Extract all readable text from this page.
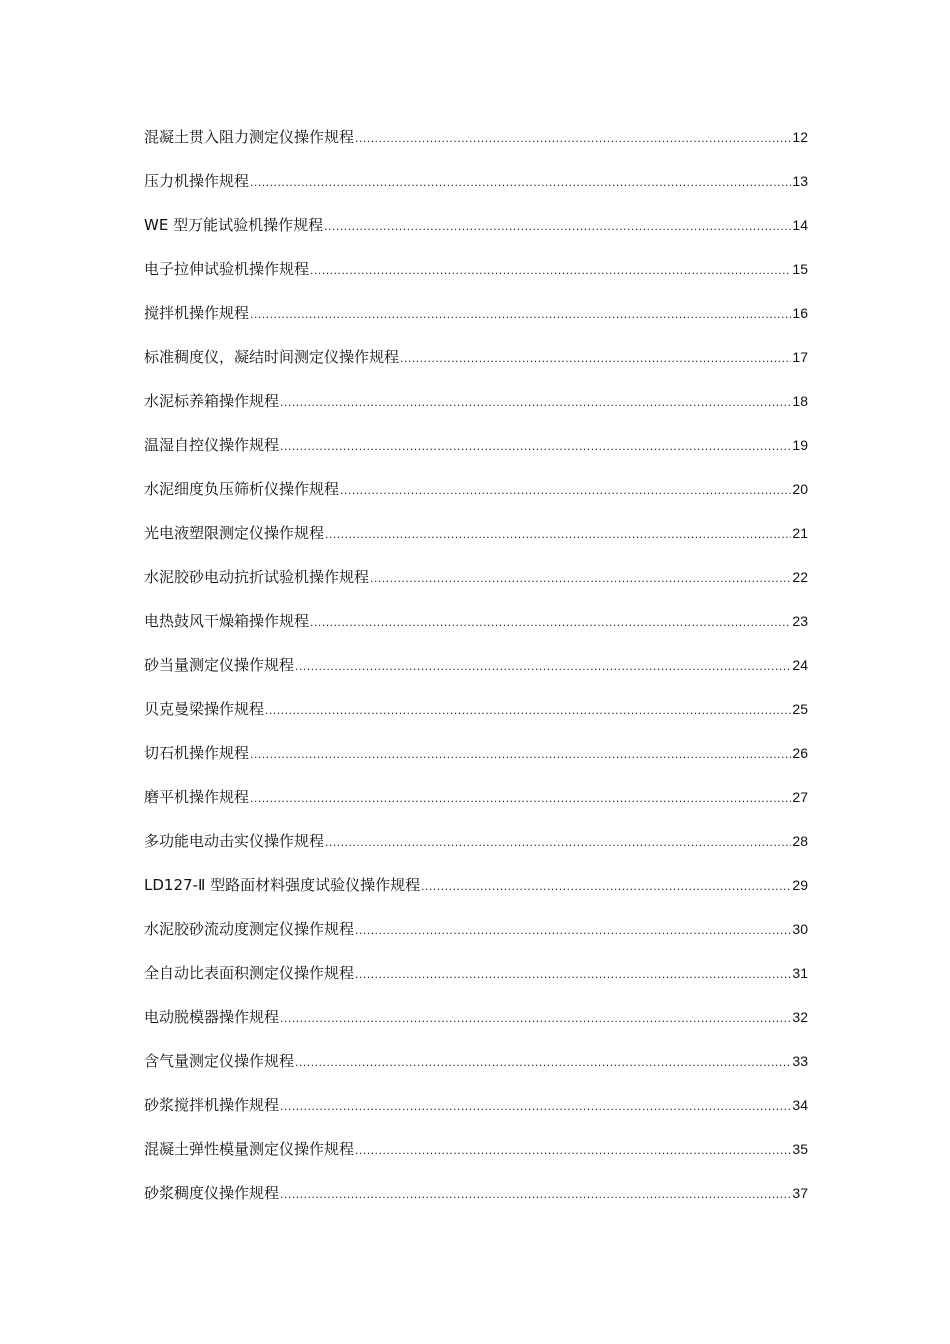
混凝土贯入阻力测定仪操作规程 .....	12
压力机操作规程 .....	13
WE 型万能试验机操作规程 .....	14
电子拉伸试验机操作规程 .....	15
搅拌机操作规程 .....	16
标准稠度仪，凝结时间测定仪操作规程 .....	17
水泥标养箱操作规程 .....	18
温湿自控仪操作规程 .....	19
水泥细度负压筛析仪操作规程 .....	20
光电液塑限测定仪操作规程 .....	21
水泥胶砂电动抗折试验机操作规程 .....	22
电热鼓风干燥箱操作规程 .....	23
砂当量测定仪操作规程 .....	24
贝克曼梁操作规程 .....	25
切石机操作规程 .....	26
磨平机操作规程 .....	27
多功能电动击实仪操作规程 .....	28
LD127-Ⅱ 型路面材料强度试验仪操作规程 .....	29
水泥胶砂流动度测定仪操作规程 .....	30
全自动比表面积测定仪操作规程 .....	31
电动脱模器操作规程 .....	32
含气量测定仪操作规程 .....	33
砂浆搅拌机操作规程 .....	34
混凝土弹性模量测定仪操作规程 .....	35
砂浆稠度仪操作规程 .....	37
